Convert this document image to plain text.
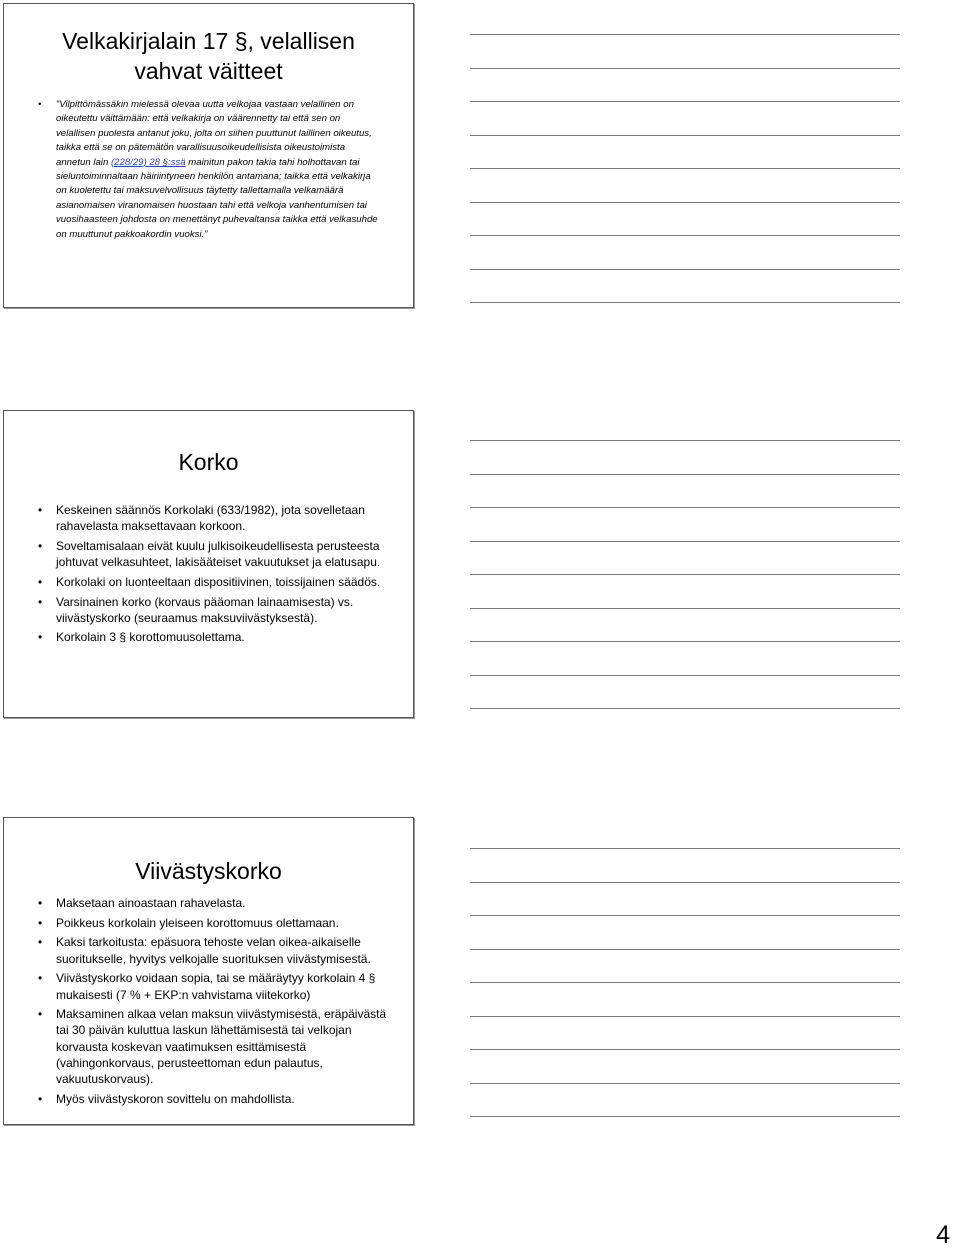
Velkakirjalain 17 §, velallisen
vahvat väitteet
• ”Vilpittömässäkin mielessä olevaa uutta velkojaa vastaan velallinen on oikeutettu väittämään: että velkakirja on väärennetty tai että sen on velallisen puolesta antanut joku, jolta on siihen puuttunut laillinen oikeutus, taikka että se on pätemätön varallisuusoikeudellisista oikeustoimista annetun lain (228/29) 28 §:ssä mainitun pakon takia tahi holhottavan tai sieluntoiminnaltaan häiriintyneen henkilön antamana; taikka että velkakirja on kuoletettu tai maksuvelvollisuus täytetty tallettamalla velkamäärä asianomaisen viranomaisen huostaan tahi että velkoja vanhentumisen tai vuosihaasteen johdosta on menettänyt puhevaltansa taikka että velkasuhde on muuttunut pakkoakordin vuoksi.”
Korko
• Keskeinen säännös Korkolaki (633/1982), jota sovelletaan rahavelasta maksettavaan korkoon.
• Soveltamisalaan eivät kuulu julkisoikeudellisesta perusteesta johtuvat velkasuhteet, lakisääteiset vakuutukset ja elatusapu.
• Korkolaki on luonteeltaan dispositiivinen, toissijainen säädös.
• Varsinainen korko (korvaus pääoman lainaamisesta) vs. viivästyskorko (seuraamus maksuviivästyksestä).
• Korkolain 3 § korottomuusolettama.
Viivästyskorko
• Maksetaan ainoastaan rahavelasta.
• Poikkeus korkolain yleiseen korottomuus olettamaan.
• Kaksi tarkoitusta: epäsuora tehoste velan oikea-aikaiselle suoritukselle, hyvitys velkojalle suorituksen viivästymisestä.
• Viivästyskorko voidaan sopia, tai se määräytyy korkolain 4 § mukaisesti (7 % + EKP:n vahvistama viitekorko)
• Maksaminen alkaa velan maksun viivästymisestä, eräpäivästä tai 30 päivän kuluttua laskun lähettämisestä tai velkojan korvausta koskevan vaatimuksen esittämisestä (vahingonkorvaus, perusteettoman edun palautus, vakuutuskorvaus).
• Myös viivästyskoron sovittelu on mahdollista.
4
